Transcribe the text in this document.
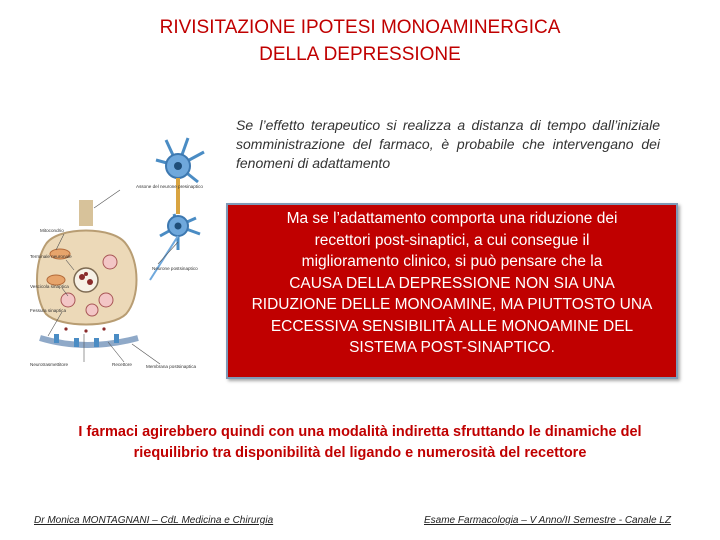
RIVISITAZIONE IPOTESI MONOAMINERGICA
DELLA DEPRESSIONE
Assone del neurone presinaptico
Mitocondrio
Terminale neuronale
Vescicola sinaptica
Fessura sinaptica
Neurotrasmettitore	Recettore
Neurone postsinaptico
Membrana postsinaptica
Se l’effetto terapeutico si realizza a distanza di tempo dall’iniziale somministrazione del farmaco, è probabile che intervengano dei fenomeni di adattamento
Ma se l’adattamento comporta una riduzione dei
recettori post-sinaptici, a cui consegue il
miglioramento clinico, si può pensare che la
CAUSA DELLA DEPRESSIONE NON SIA UNA
RIDUZIONE DELLE MONOAMINE, MA PIUTTOSTO UNA
ECCESSIVA SENSIBILITÀ ALLE MONOAMINE DEL
SISTEMA POST-SINAPTICO.
I farmaci agirebbero quindi con una modalità indiretta sfruttando le dinamiche del
riequilibrio tra disponibilità del ligando e numerosità del recettore
Dr Monica MONTAGNANI – CdL Medicina e Chirurgia	Esame Farmacologia – V Anno/II Semestre - Canale LZ
